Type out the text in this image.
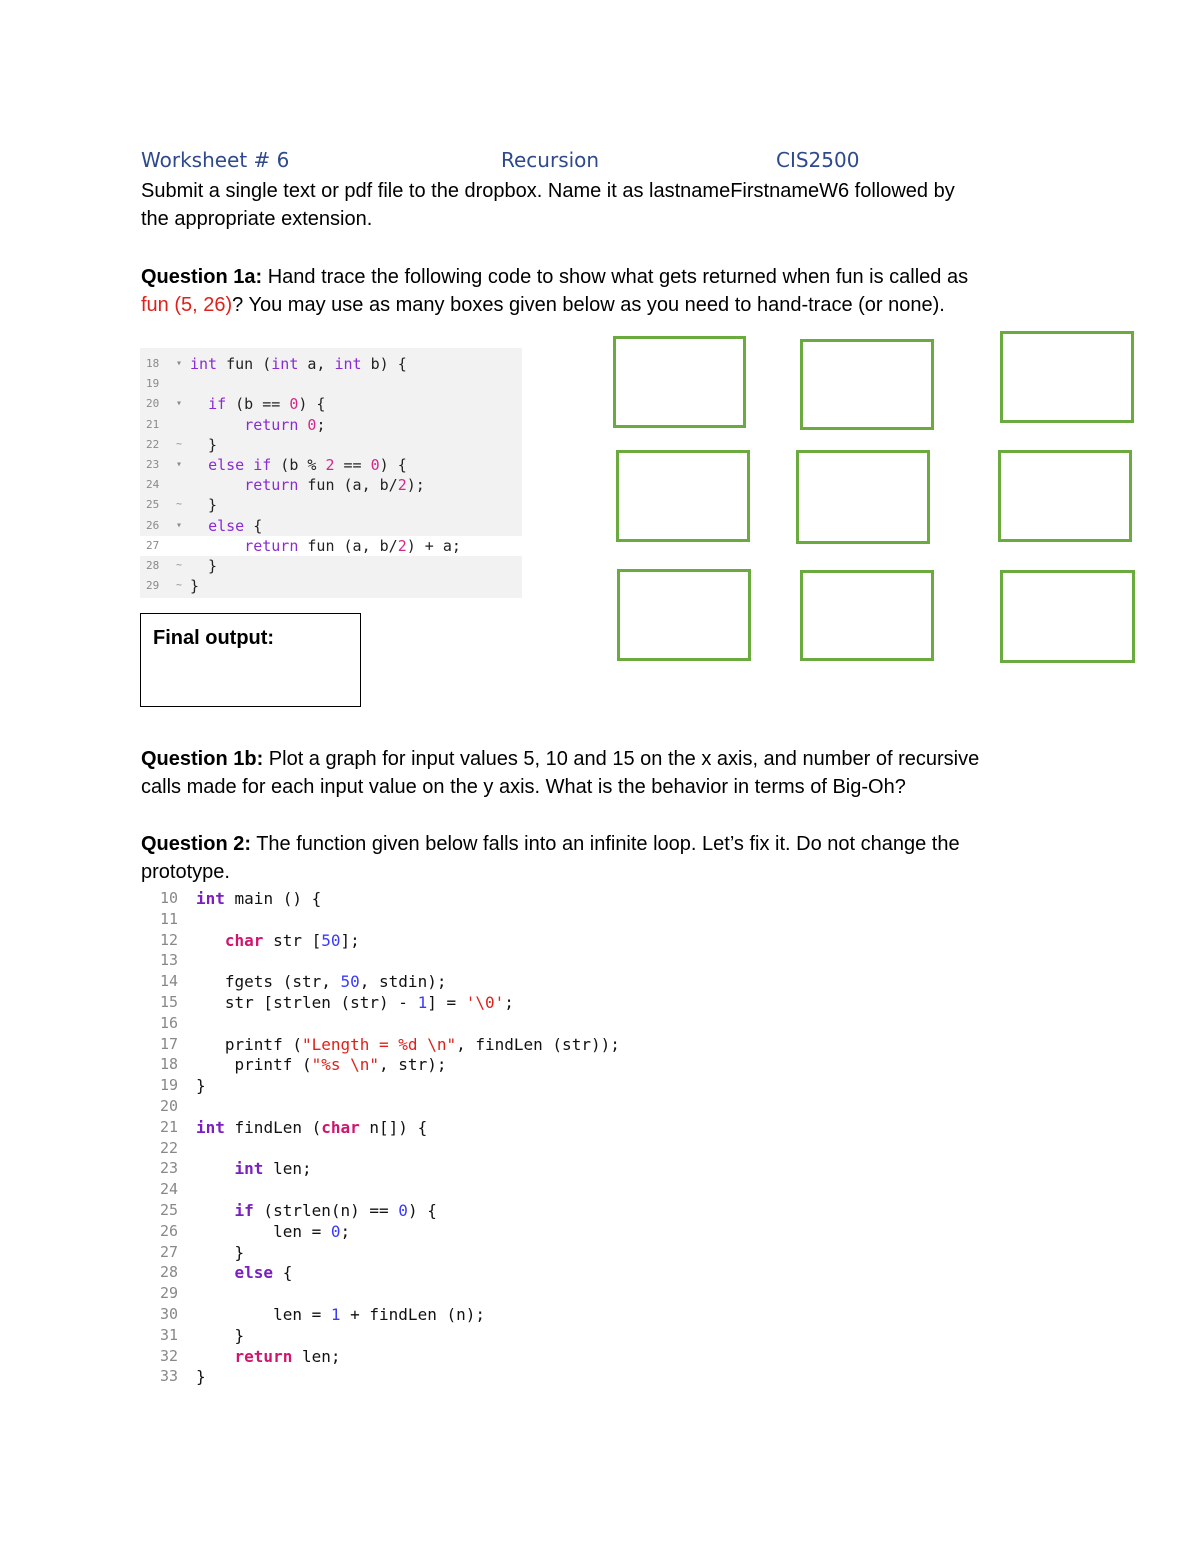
Worksheet # 6	Recursion	CIS2500
Submit a single text or pdf file to the dropbox. Name it as lastnameFirstnameW6 followed by
the appropriate extension.
Question 1a: Hand trace the following code to show what gets returned when fun is called as
fun (5, 26)? You may use as many boxes given below as you need to hand-trace (or none).
18	▾ int fun (int a, int b) {
19
20	▾	if (b == 0) {
21	return 0;
22	~ }
23	▾	else if (b % 2 == 0) {
24	return fun (a, b/2);
25	~ }
26	▾	else {
27	return fun (a, b/2) + a;
28	~ }
29	~ }
Final output:
Question 1b: Plot a graph for input values 5, 10 and 15 on the x axis, and number of recursive
calls made for each input value on the y axis. What is the behavior in terms of Big-Oh?
Question 2: The function given below falls into an infinite loop. Let’s fix it. Do not change the
prototype.
10 int main () {
11
12	char str [50];
13
14 fgets (str, 50, stdin);
15 str [strlen (str) - 1] = '\0';
16
17 printf ("Length = %d \n", findLen (str));
18 printf ("%s \n", str);
19 }
20
21 int findLen (char n[]) {
22
23	int len;
24
25	if (strlen(n) == 0) {
26 len = 0;
27 }
28	else {
29
30 len = 1 + findLen (n);
31 }
32	return len;
33 }
